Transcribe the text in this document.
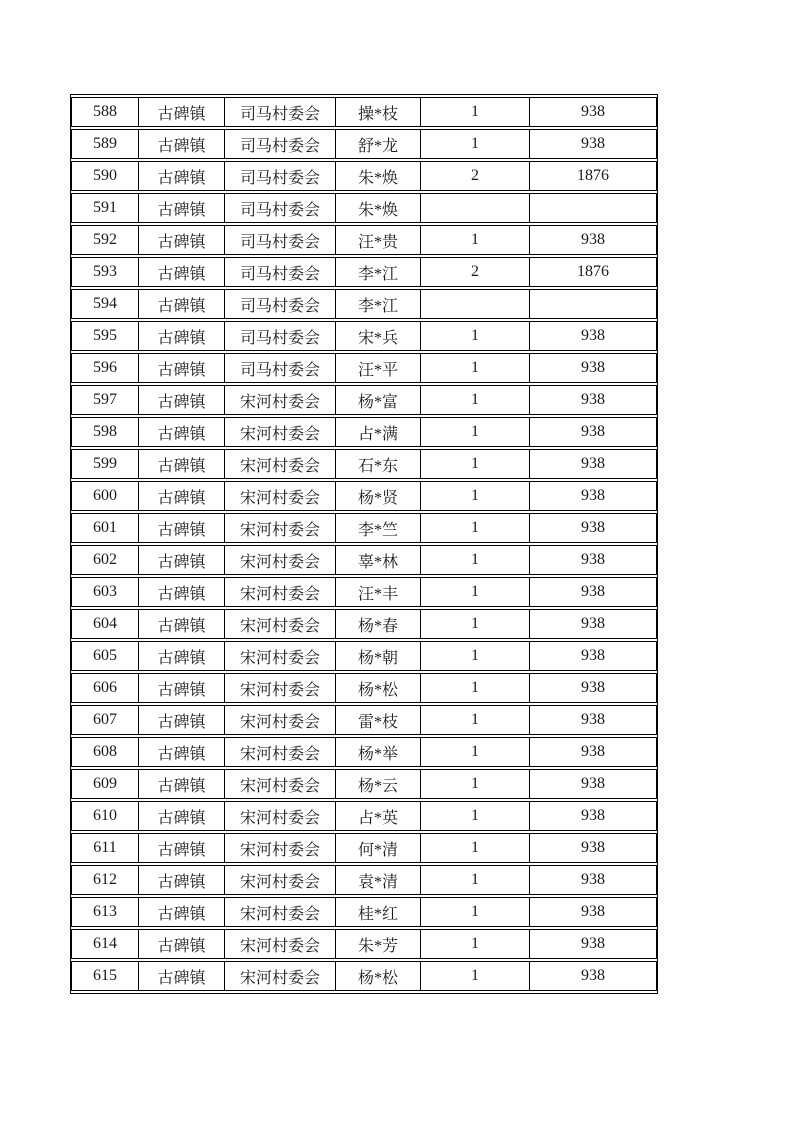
588	古碑镇	司马村委会	操*枝	1	938
589	古碑镇	司马村委会	舒*龙	1	938
590	古碑镇	司马村委会	朱*焕	2	1876
591	古碑镇	司马村委会	朱*焕		
592	古碑镇	司马村委会	汪*贵	1	938
593	古碑镇	司马村委会	李*江	2	1876
594	古碑镇	司马村委会	李*江		
595	古碑镇	司马村委会	宋*兵	1	938
596	古碑镇	司马村委会	汪*平	1	938
597	古碑镇	宋河村委会	杨*富	1	938
598	古碑镇	宋河村委会	占*满	1	938
599	古碑镇	宋河村委会	石*东	1	938
600	古碑镇	宋河村委会	杨*贤	1	938
601	古碑镇	宋河村委会	李*竺	1	938
602	古碑镇	宋河村委会	辜*林	1	938
603	古碑镇	宋河村委会	汪*丰	1	938
604	古碑镇	宋河村委会	杨*春	1	938
605	古碑镇	宋河村委会	杨*朝	1	938
606	古碑镇	宋河村委会	杨*松	1	938
607	古碑镇	宋河村委会	雷*枝	1	938
608	古碑镇	宋河村委会	杨*举	1	938
609	古碑镇	宋河村委会	杨*云	1	938
610	古碑镇	宋河村委会	占*英	1	938
611	古碑镇	宋河村委会	何*清	1	938
612	古碑镇	宋河村委会	袁*清	1	938
613	古碑镇	宋河村委会	桂*红	1	938
614	古碑镇	宋河村委会	朱*芳	1	938
615	古碑镇	宋河村委会	杨*松	1	938
